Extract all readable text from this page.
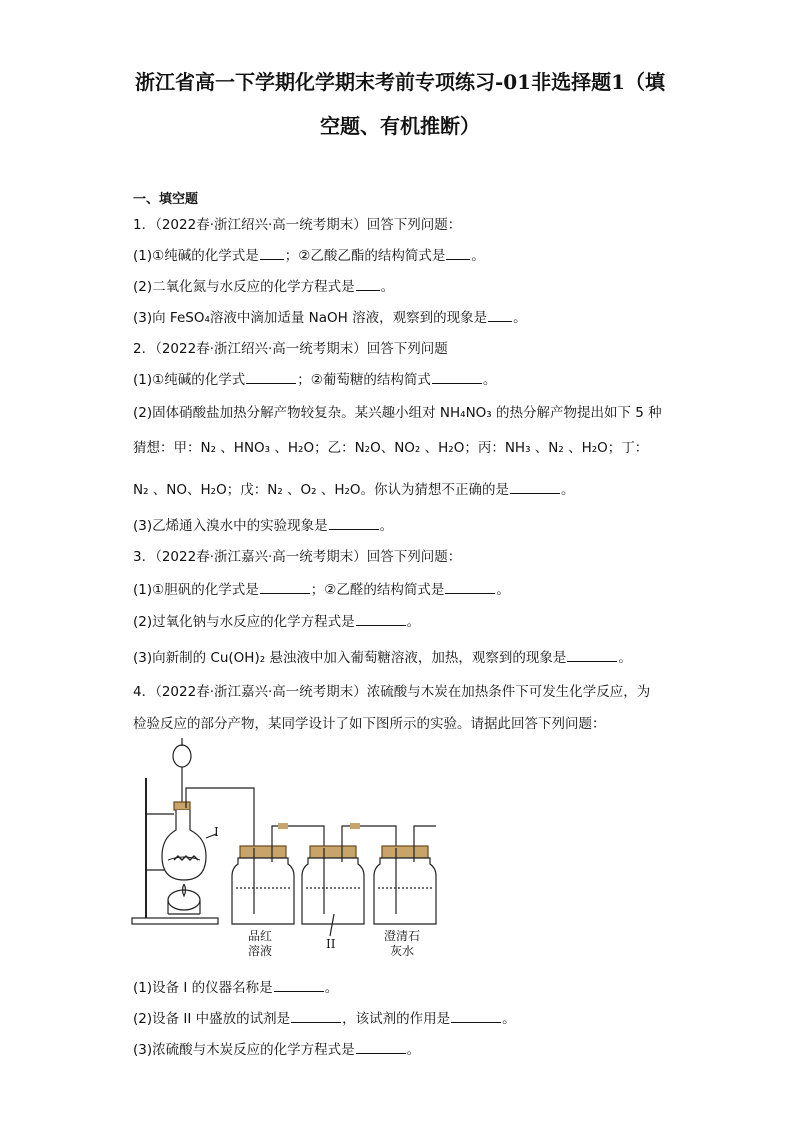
浙江省高一下学期化学期末考前专项练习-01非选择题1（填
空题、有机推断）
一、填空题
1．（2022春·浙江绍兴·高一统考期末）回答下列问题：
(1)①纯碱的化学式是 ；②乙酸乙酯的结构简式是 。
(2)二氧化氮与水反应的化学方程式是 。
(3)向 FeSO₄溶液中滴加适量 NaOH 溶液，观察到的现象是 。
2．（2022春·浙江绍兴·高一统考期末）回答下列问题
(1)①纯碱的化学式	；②葡萄糖的结构简式	。
(2)固体硝酸盐加热分解产物较复杂。某兴趣小组对 NH₄NO₃ 的热分解产物提出如下 5 种
猜想：甲：N₂ 、HNO₃ 、H₂O；乙：N₂O、NO₂ 、H₂O；丙：NH₃ 、N₂ 、H₂O；丁：
N₂ 、NO、H₂O；戊：N₂ 、O₂ 、H₂O。你认为猜想不正确的是	。
(3)乙烯通入溴水中的实验现象是	。
3．（2022春·浙江嘉兴·高一统考期末）回答下列问题：
(1)①胆矾的化学式是	；②乙醛的结构简式是	。
(2)过氧化钠与水反应的化学方程式是	。
(3)向新制的 Cu(OH)₂ 悬浊液中加入葡萄糖溶液，加热，观察到的现象是	。
4．（2022春·浙江嘉兴·高一统考期末）浓硫酸与木炭在加热条件下可发生化学反应，为
检验反应的部分产物，某同学设计了如下图所示的实验。请据此回答下列问题：
I
II
品红
溶液
澄清石
灰水
(1)设备 I 的仪器名称是	。
(2)设备 II 中盛放的试剂是	，该试剂的作用是	。
(3)浓硫酸与木炭反应的化学方程式是	。
